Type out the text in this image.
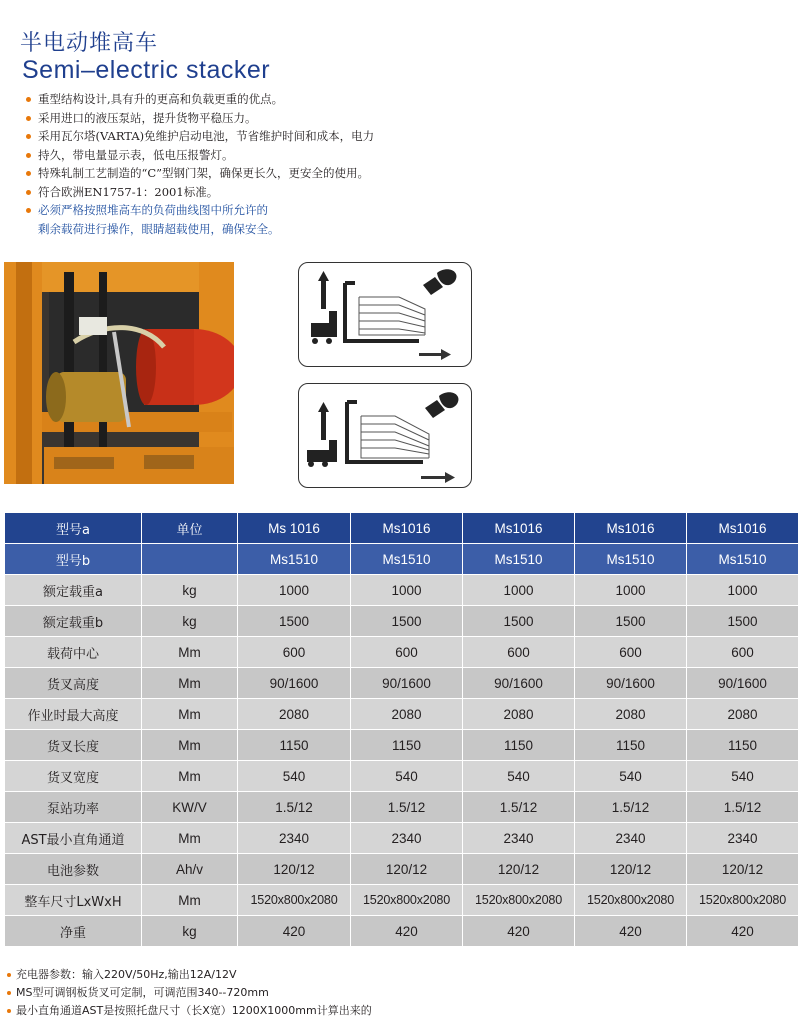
半电动堆高车
Semi–electric stacker
重型结构设计,具有升的更高和负载更重的优点。
采用进口的液压泵站，提升货物平稳压力。
采用瓦尔塔(VARTA)免维护启动电池，节省维护时间和成本，电力
持久，带电量显示表，低电压报警灯。
特殊轧制工艺制造的“C”型钢门架，确保更长久，更安全的使用。
符合欧洲EN1757-1：2001标准。
必须严格按照堆高车的负荷曲线图中所允许的
剩余载荷进行操作，眼睛超载使用，确保安全。
型号a	单位	Ms 1016	Ms1016	Ms1016	Ms1016	Ms1016
型号b		Ms1510	Ms1510	Ms1510	Ms1510	Ms1510
额定载重a	kg	1000	1000	1000	1000	1000
额定载重b	kg	1500	1500	1500	1500	1500
载荷中心	Mm	600	600	600	600	600
货叉高度	Mm	90/1600	90/1600	90/1600	90/1600	90/1600
作业时最大高度	Mm	2080	2080	2080	2080	2080
货叉长度	Mm	1150	1150	1150	1150	1150
货叉宽度	Mm	540	540	540	540	540
泵站功率	KW/V	1.5/12	1.5/12	1.5/12	1.5/12	1.5/12
AST最小直角通道	Mm	2340	2340	2340	2340	2340
电池参数	Ah/v	120/12	120/12	120/12	120/12	120/12
整车尺寸LxWxH	Mm	1520x800x2080	1520x800x2080	1520x800x2080	1520x800x2080	1520x800x2080
净重	kg	420	420	420	420	420
充电器参数：输入220V/50Hz,输出12A/12V
MS型可调钢板货叉可定制，可调范围340--720mm
最小直角通道AST是按照托盘尺寸（长X宽）1200X1000mm计算出来的
